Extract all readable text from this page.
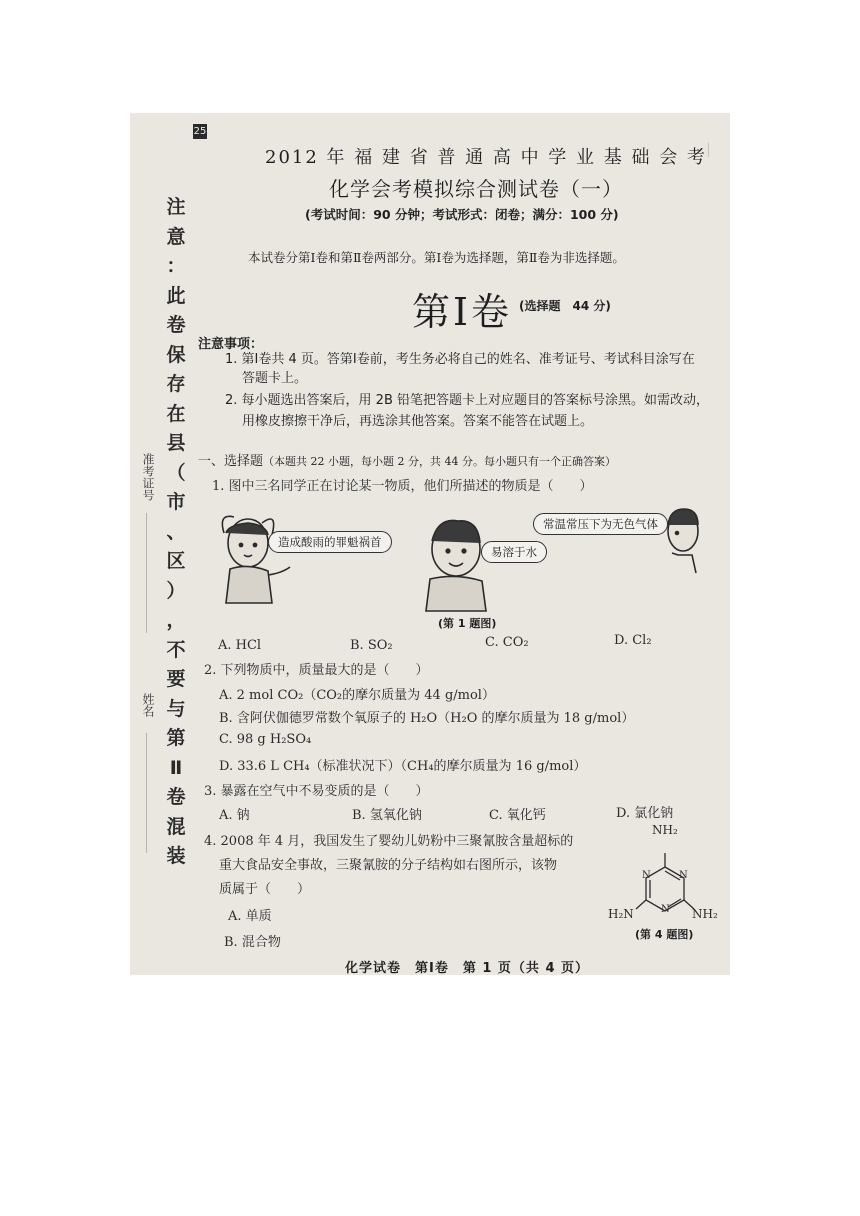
25
注 意 ： 此 卷 保 存 在 县 （ 市 、 区 ） ， 不 要 与 第 Ⅱ 卷 混 装
准考证号
姓名
▏
2012 年 福 建 省 普 通 高 中 学 业 基 础 会 考
化学会考模拟综合测试卷（一）
(考试时间：90 分钟；考试形式：闭卷；满分：100 分)
本试卷分第Ⅰ卷和第Ⅱ卷两部分。第Ⅰ卷为选择题，第Ⅱ卷为非选择题。
第Ⅰ卷 (选择题　44 分)
注意事项：
1. 第Ⅰ卷共 4 页。答第Ⅰ卷前，考生务必将自己的姓名、准考证号、考试科目涂写在
答题卡上。
2. 每小题选出答案后，用 2B 铅笔把答题卡上对应题目的答案标号涂黑。如需改动，
用橡皮擦擦干净后，再选涂其他答案。答案不能答在试题上。
一、选择题（本题共 22 小题，每小题 2 分，共 44 分。每小题只有一个正确答案）
1. 图中三名同学正在讨论某一物质，他们所描述的物质是（　　）
造成酸雨的罪魁祸首
易溶于水
常温常压下为无色气体
(第 1 题图)
A. HCl	B. SO₂	C. CO₂	D. Cl₂
2. 下列物质中，质量最大的是（　　）
A. 2 mol CO₂（CO₂的摩尔质量为 44 g/mol）
B. 含阿伏伽德罗常数个氧原子的 H₂O（H₂O 的摩尔质量为 18 g/mol）
C. 98 g H₂SO₄
D. 33.6 L CH₄（标准状况下）（CH₄的摩尔质量为 16 g/mol）
3. 暴露在空气中不易变质的是（　　）
A. 钠	B. 氢氧化钠	C. 氧化钙	D. 氯化钠
4. 2008 年 4 月，我国发生了婴幼儿奶粉中三聚氰胺含量超标的
重大食品安全事故，三聚氰胺的分子结构如右图所示，该物
质属于（　　）
A. 单质
B. 混合物
NH₂
H₂N	NH₂
N	N
N
(第 4 题图)
化学试卷　第Ⅰ卷　第 1 页（共 4 页）
